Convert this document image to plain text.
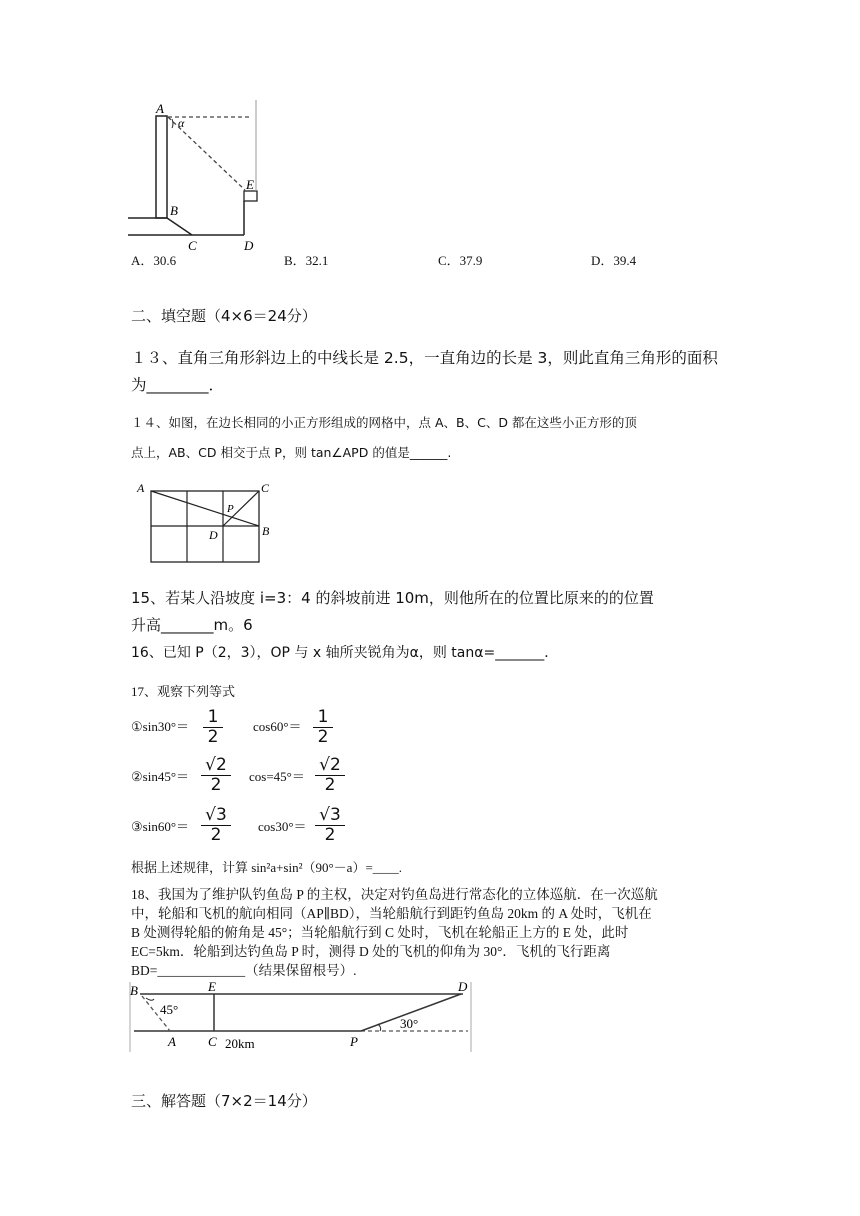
A
α
E
B
C	D
A．30.6	B．32.1	C．37.9	D．39.4
二、填空题（4×6＝24分）
１３、直角三角形斜边上的中线长是 2.5，一直角边的长是 3，则此直角三角形的面积
为________．
１４、如图，在边长相同的小正方形组成的网格中，点 A、B、C、D 都在这些小正方形的顶
点上，AB、CD 相交于点 P，则 tan∠APD 的值是______.
A	C
P
D	B
15、若某人沿坡度 i=3：4 的斜坡前进 10m，则他所在的位置比原来的的位置
升高_______m。6
16、已知 P（2，3），OP 与 x 轴所夹锐角为α，则 tanα=_______．
17、观察下列等式
①sin30°＝ $\frac{1}{2} \cos 60^\circ= \frac{1}{2}$
②sin45°＝ $\frac{√2}{2} \cos=45^\circ= \frac{√2}{2}$
③sin60°＝ $\frac{√3}{2} \cos 30^\circ= \frac{√3}{2}$
根据上述规律，计算 sin²a+sin²（90°－a）=____.
18、我国为了维护队钓鱼岛 P 的主权，决定对钓鱼岛进行常态化的立体巡航．在一次巡航
中，轮船和飞机的航向相同（AP∥BD），当轮船航行到距钓鱼岛 20km 的 A 处时，飞机在
B 处测得轮船的俯角是 45°；当轮船航行到 C 处时，飞机在轮船正上方的 E 处，此时
EC=5km．轮船到达钓鱼岛 P 时，测得 D 处的飞机的仰角为 30°．飞机的飞行距离
BD=_____________（结果保留根号）.
B	E	D
45°
30°
A C 20km	P
三、解答题（7×2＝14分）
